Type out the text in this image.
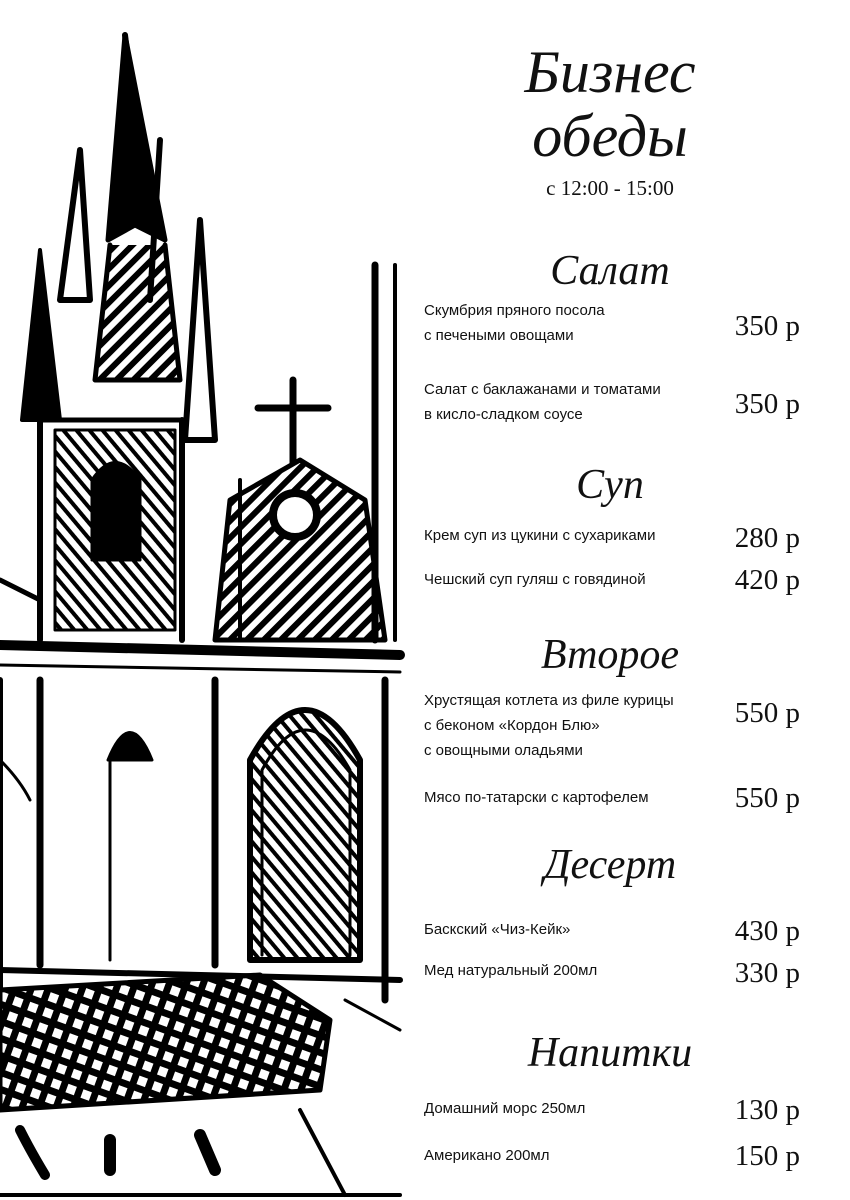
Бизнес
обеды
с 12:00 - 15:00
Салат
Скумбрия пряного посола
с печеными овощами	350 р
Салат с баклажанами и томатами
в кисло-сладком соусе	350 р
Суп
Крем суп из цукини с сухариками	280 р
Чешский суп гуляш с говядиной	420 р
Второе
Хрустящая котлета из филе курицы
с беконом «Кордон Блю»
с овощными оладьями
550 р
Мясо по-татарски с картофелем	550 р
Десерт
Баскский «Чиз-Кейк»	430 р
Мед натуральный 200мл	330 р
Напитки
Домашний морс 250мл	130 р
Американо 200мл	150 р
